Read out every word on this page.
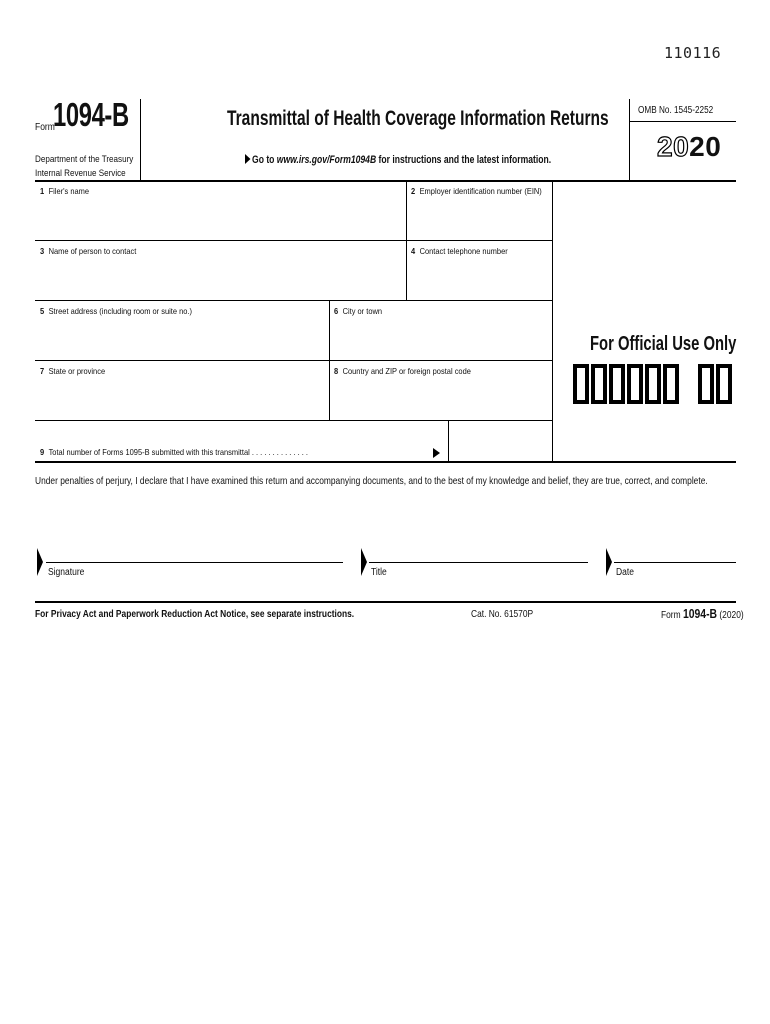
110116
Form
1094-B
Department of the Treasury
Internal Revenue Service
Transmittal of Health Coverage Information Returns
Go to www.irs.gov/Form1094B for instructions and the latest information.
OMB No. 1545-2252
2020
1 Filer's name	2 Employer identification number (EIN)
3 Name of person to contact	4 Contact telephone number
5 Street address (including room or suite no.)	6 City or town
7 State or province	8 Country and ZIP or foreign postal code
9 Total number of Forms 1095-B submitted with this transmittal . . . . . . . . . . . . . .
For Official Use Only
Under penalties of perjury, I declare that I have examined this return and accompanying documents, and to the best of my knowledge and belief, they are true, correct, and complete.
Signature	Title	Date
For Privacy Act and Paperwork Reduction Act Notice, see separate instructions.	Cat. No. 61570P	Form 1094-B (2020)
